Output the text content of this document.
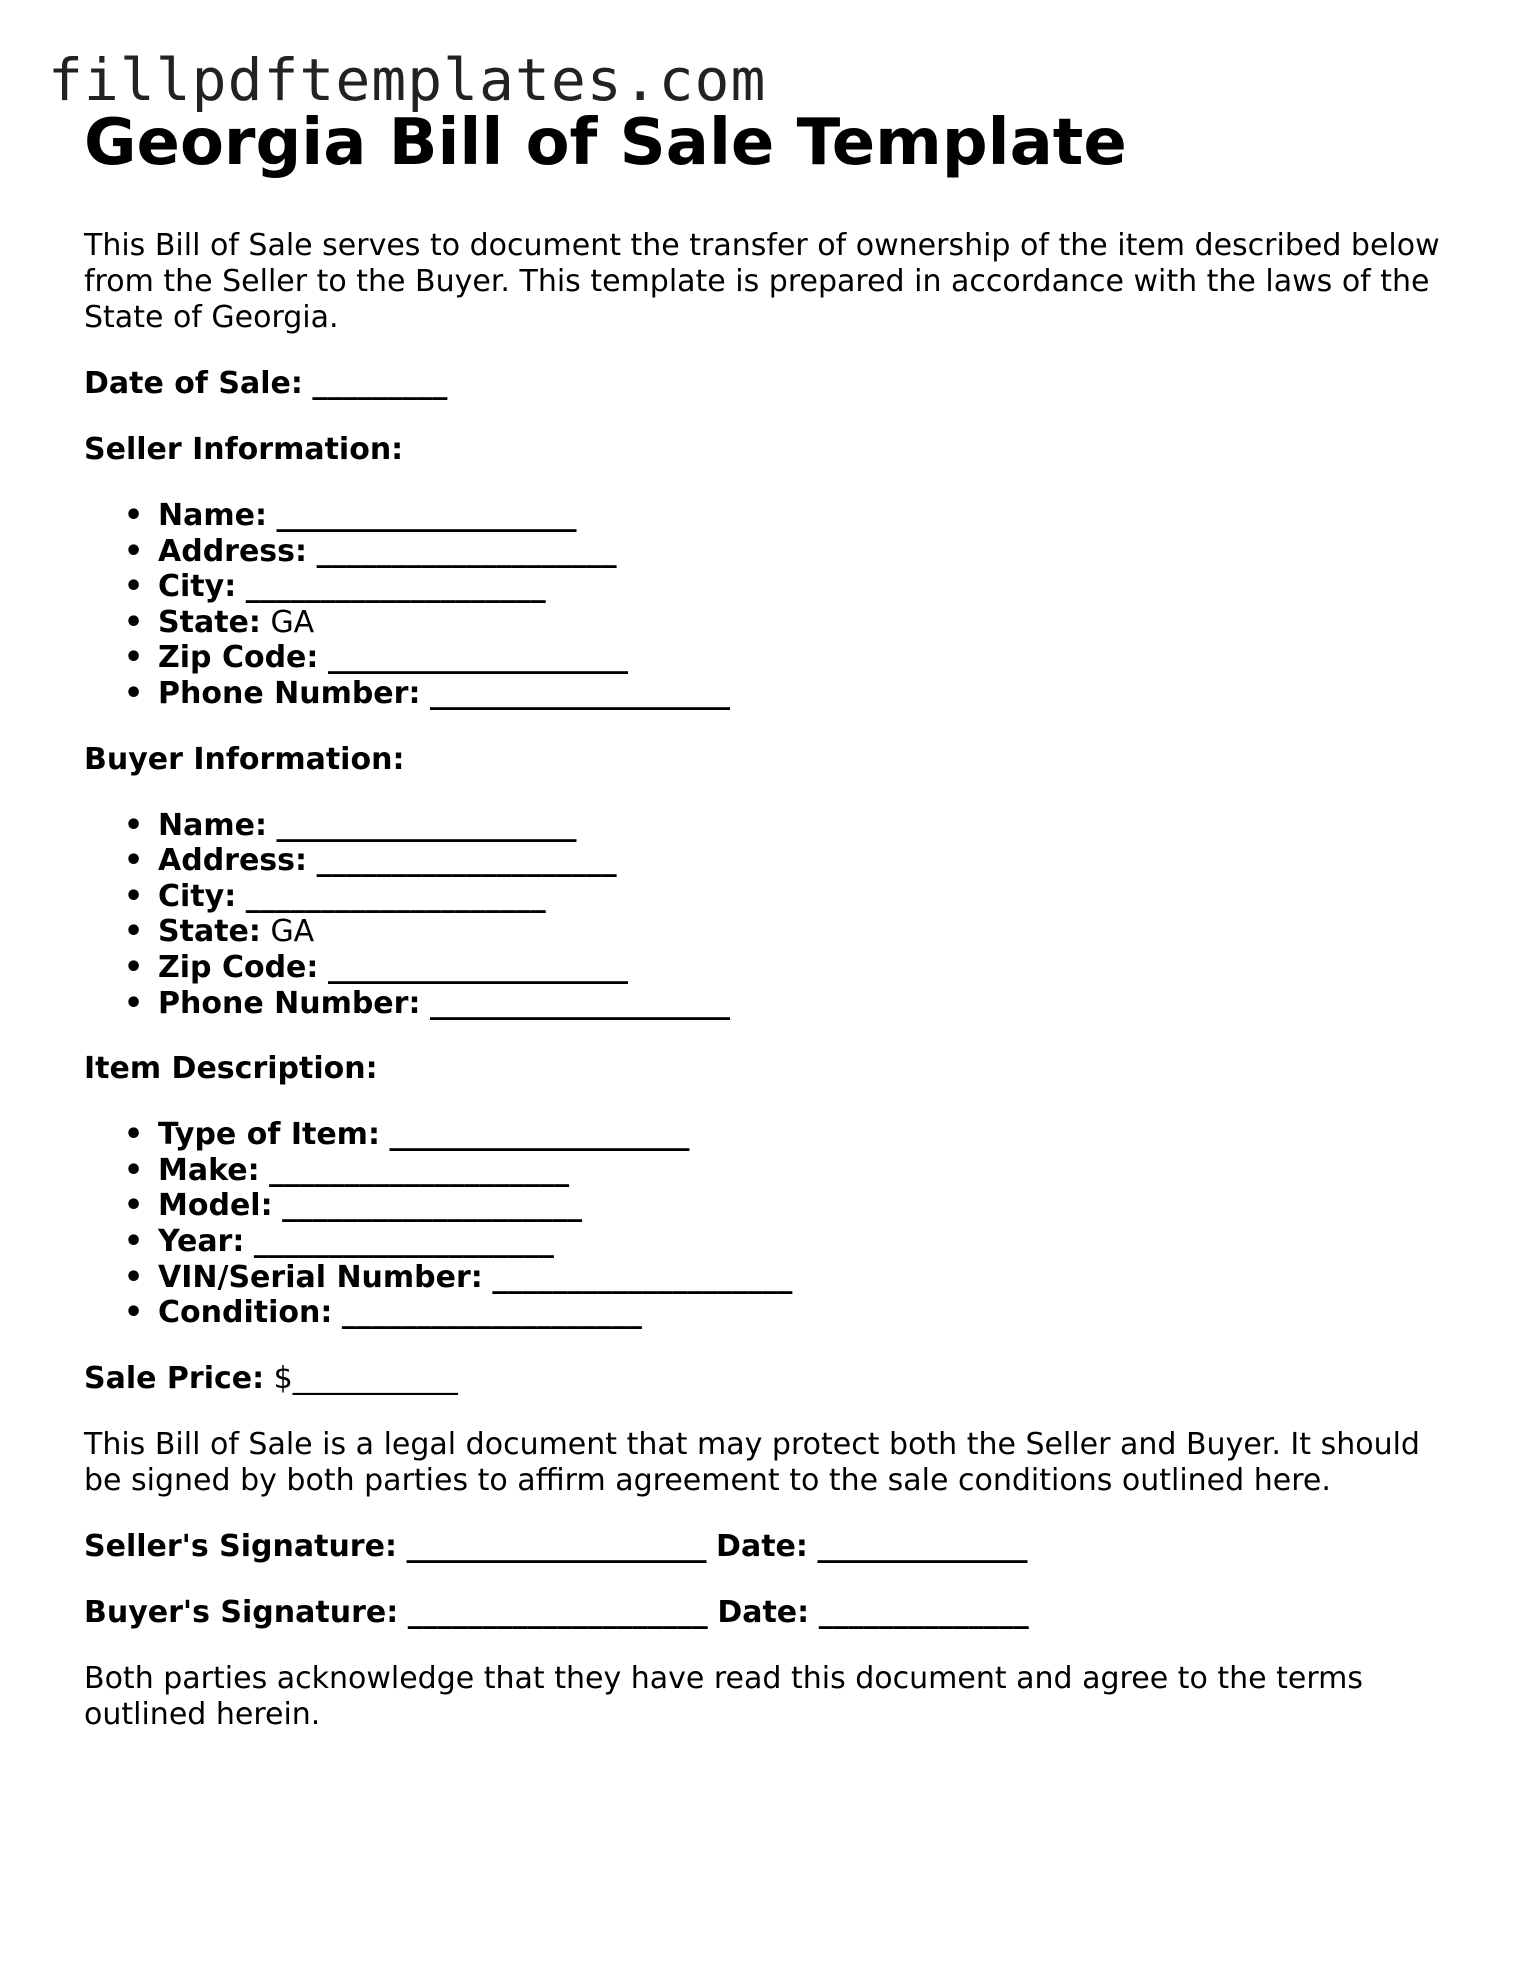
fillpdftemplates.com
Georgia Bill of Sale Template

This Bill of Sale serves to document the transfer of ownership of the item described below from the Seller to the Buyer. This template is prepared in accordance with the laws of the State of Georgia.

Date of Sale: _________

Seller Information:
• Name: ____________________
• Address: ____________________
• City: ____________________
• State: GA
• Zip Code: ____________________
• Phone Number: ____________________
Buyer Information:
• Name: ____________________
• Address: ____________________
• City: ____________________
• State: GA
• Zip Code: ____________________
• Phone Number: ____________________
Item Description:
• Type of Item: ____________________
• Make: ____________________
• Model: ____________________
• Year: ____________________
• VIN/Serial Number: ____________________
• Condition: ____________________

Sale Price: $___________

This Bill of Sale is a legal document that may protect both the Seller and Buyer. It should be signed by both parties to affirm agreement to the sale conditions outlined here.

Seller's Signature: ____________________ Date: ______________

Buyer's Signature: ____________________ Date: ______________

Both parties acknowledge that they have read this document and agree to the terms outlined herein.
